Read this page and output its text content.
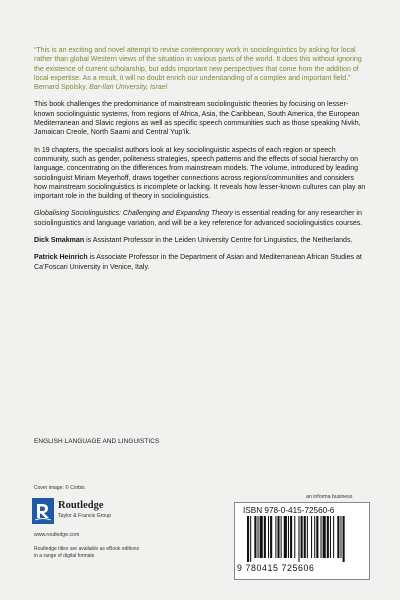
“This is an exciting and novel attempt to revise contemporary work in sociolinguistics by asking for local rather than global Western views of the situation in various parts of the world. It does this without ignoring the existence of current scholarship, but adds important new perspectives that come from the addition of local expertise. As a result, it will no doubt enrich our understanding of a complex and important field.”
Bernard Spolsky, Bar-Ilan University, Israel

This book challenges the predominance of mainstream sociolinguistic theories by focusing on lesser-known sociolinguistic systems, from regions of Africa, Asia, the Caribbean, South America, the European Mediterranean and Slavic regions as well as specific speech communities such as those speaking Nivkh, Jamaican Creole, North Saami and Central Yup’ik.

In 19 chapters, the specialist authors look at key sociolinguistic aspects of each region or speech community, such as gender, politeness strategies, speech patterns and the effects of social hierarchy on language, concentrating on the differences from mainstream models. The volume, introduced by leading sociolinguist Miriam Meyerhoff, draws together connections across regions/communities and considers how mainstream sociolinguistics is incomplete or lacking. It reveals how lesser-known cultures can play an important role in the building of theory in sociolinguistics.

Globalising Sociolinguistics: Challenging and Expanding Theory is essential reading for any researcher in sociolinguistics and language variation, and will be a key reference for advanced sociolinguistics courses.

Dick Smakman is Assistant Professor in the Leiden University Centre for Linguistics, the Netherlands.

Patrick Heinrich is Associate Professor in the Department of Asian and Mediterranean African Studies at Ca’Foscari University in Venice, Italy.

ENGLISH LANGUAGE AND LINGUISTICS
Cover image: © Corbis
Routledge
Taylor & Francis Group
www.routledge.com
Routledge titles are available as eBook editions in a range of digital formats
an informa business
ISBN 978-0-415-72560-6
9 780415 725606
